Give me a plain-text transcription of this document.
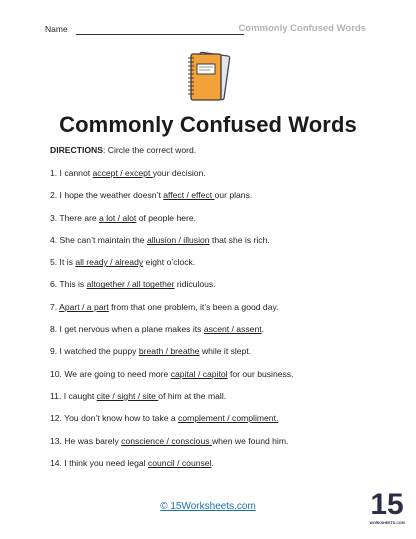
Name	Commonly Confused Words
Commonly Confused Words
DIRECTIONS: Circle the correct word.
1. I cannot accept / except your decision.
2. I hope the weather doesn’t affect / effect our plans.
3. There are a lot / alot of people here.
4. She can’t maintain the allusion / illusion that she is rich.
5. It is all ready / already eight o’clock.
6. This is altogether / all together ridiculous.
7. Apart / a part from that one problem, it’s been a good day.
8. I get nervous when a plane makes its ascent / assent.
9. I watched the puppy breath / breathe while it slept.
10. We are going to need more capital / capitol for our business.
11. I caught cite / sight / site of him at the mall.
12. You don’t know how to take a complement / compliment.
13. He was barely conscience / conscious when we found him.
14. I think you need legal council / counsel.
© 15Worksheets.com	15
WORKSHEETS.COM
